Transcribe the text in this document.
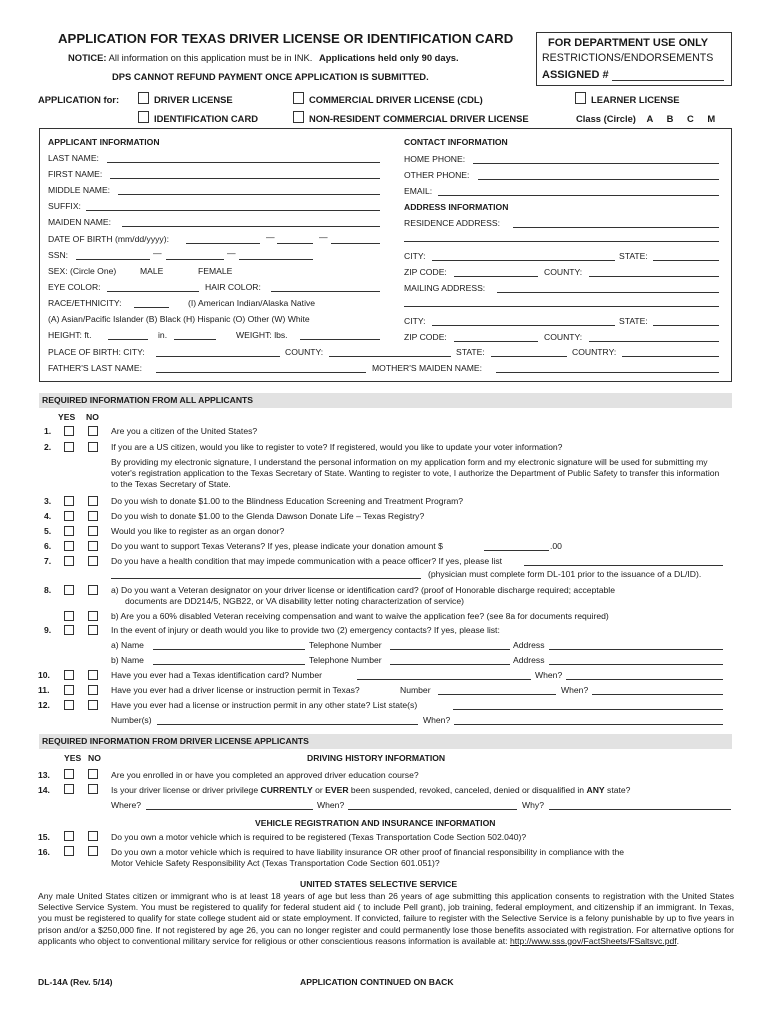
APPLICATION FOR TEXAS DRIVER LICENSE OR IDENTIFICATION CARD
NOTICE: All information on this application must be in INK. Applications held only 90 days.
DPS CANNOT REFUND PAYMENT ONCE APPLICATION IS SUBMITTED.
FOR DEPARTMENT USE ONLY
RESTRICTIONS/ENDORSEMENTS
ASSIGNED #
APPLICATION for:	DRIVER LICENSE	COMMERCIAL DRIVER LICENSE (CDL)	LEARNER LICENSE
IDENTIFICATION CARD	NON-RESIDENT COMMERCIAL DRIVER LICENSE	Class (Circle) A B C M
APPLICANT INFORMATION
LAST NAME:
FIRST NAME:
MIDDLE NAME:
SUFFIX:
MAIDEN NAME:
DATE OF BIRTH (mm/dd/yyyy):	—	—
SSN:	—	—
SEX: (Circle One)	MALE	FEMALE
EYE COLOR:	HAIR COLOR:
RACE/ETHNICITY:	(I) American Indian/Alaska Native
(A) Asian/Pacific Islander (B) Black (H) Hispanic (O) Other (W) White
HEIGHT: ft.	in.	WEIGHT: lbs.
CONTACT INFORMATION
HOME PHONE:
OTHER PHONE:
EMAIL:
ADDRESS INFORMATION
RESIDENCE ADDRESS:
CITY:	STATE:
ZIP CODE:	COUNTY:
MAILING ADDRESS:
CITY:	STATE:
ZIP CODE:	COUNTY:
PLACE OF BIRTH: CITY:	COUNTY:	STATE:	COUNTRY:
FATHER'S LAST NAME:	MOTHER'S MAIDEN NAME:
REQUIRED INFORMATION FROM ALL APPLICANTS
YES NO
1.	Are you a citizen of the United States?
2.	If you are a US citizen, would you like to register to vote? If registered, would you like to update your voter information?
By providing my electronic signature, I understand the personal information on my application form and my electronic signature will be used for submitting my voter's registration application to the Texas Secretary of State. Wanting to register to vote, I authorize the Department of Public Safety to transfer this information to the Texas Secretary of State.
3.	Do you wish to donate $1.00 to the Blindness Education Screening and Treatment Program?
4.	Do you wish to donate $1.00 to the Glenda Dawson Donate Life – Texas Registry?
5.	Would you like to register as an organ donor?
6.	Do you want to support Texas Veterans? If yes, please indicate your donation amount $	.00
7.	Do you have a health condition that may impede communication with a peace officer? If yes, please list
(physician must complete form DL-101 prior to the issuance of a DL/ID).
8.	a) Do you want a Veteran designator on your driver license or identification card? (proof of Honorable discharge required; acceptable
documents are DD214/5, NGB22, or VA disability letter noting characterization of service)
b) Are you a 60% disabled Veteran receiving compensation and want to waive the application fee? (see 8a for documents required)
9.	In the event of injury or death would you like to provide two (2) emergency contacts? If yes, please list:
a) Name	Telephone Number	Address
b) Name	Telephone Number	Address
10.	Have you ever had a Texas identification card? Number	When?
11.	Have you ever had a driver license or instruction permit in Texas?	Number	When?
12.	Have you ever had a license or instruction permit in any other state? List state(s)
Number(s)	When?
REQUIRED INFORMATION FROM DRIVER LICENSE APPLICANTS
YES NO	DRIVING HISTORY INFORMATION
13.	Are you enrolled in or have you completed an approved driver education course?
14.	Is your driver license or driver privilege CURRENTLY or EVER been suspended, revoked, canceled, denied or disqualified in ANY state?
Where?	When?	Why?
VEHICLE REGISTRATION AND INSURANCE INFORMATION
15.	Do you own a motor vehicle which is required to be registered (Texas Transportation Code Section 502.040)?
16.	Do you own a motor vehicle which is required to have liability insurance OR other proof of financial responsibility in compliance with the
Motor Vehicle Safety Responsibility Act (Texas Transportation Code Section 601.051)?
UNITED STATES SELECTIVE SERVICE
Any male United States citizen or immigrant who is at least 18 years of age but less than 26 years of age submitting this application consents to registration with the United States Selective Service System. You must be registered to qualify for federal student aid ( to include Pell grant), job training, federal employment, and citizenship if an immigrant. In Texas, you must be registered to qualify for state college student aid or state employment. If convicted, failure to register with the Selective Service is a felony punishable by up to five years in prison and/or a $250,000 fine. If not registered by age 26, you can no longer register and could permanently lose those benefits associated with registration. For alternative options for applicants who object to conventional military service for religious or other conscientious reasons information is available at: http://www.sss.gov/FactSheets/FSaltsvc.pdf.
DL-14A (Rev. 5/14)	APPLICATION CONTINUED ON BACK
